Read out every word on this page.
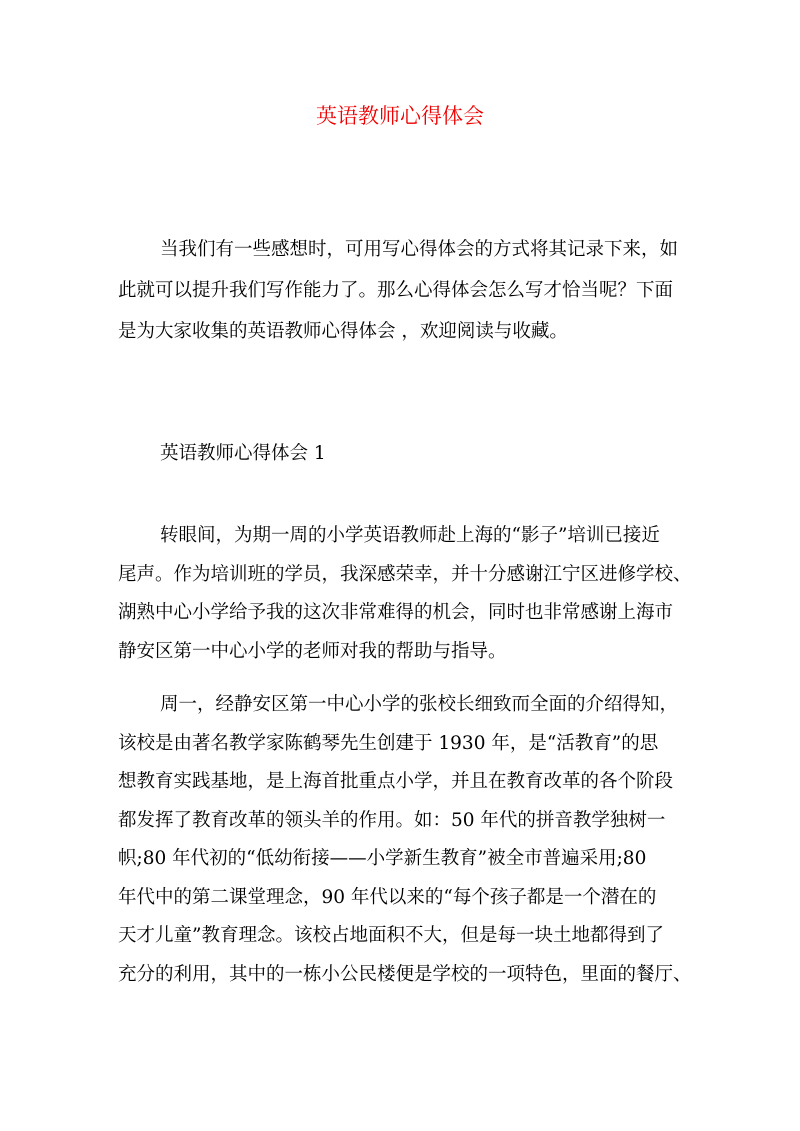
英语教师心得体会

当我们有一些感想时，可用写心得体会的方式将其记录下来，如
此就可以提升我们写作能力了。那么心得体会怎么写才恰当呢？下面
是为大家收集的英语教师心得体会 ，欢迎阅读与收藏。

英语教师心得体会 1

转眼间，为期一周的小学英语教师赴上海的“影子”培训已接近
尾声。作为培训班的学员，我深感荣幸，并十分感谢江宁区进修学校、
湖熟中心小学给予我的这次非常难得的机会，同时也非常感谢上海市
静安区第一中心小学的老师对我的帮助与指导。

周一，经静安区第一中心小学的张校长细致而全面的介绍得知，
该校是由著名教学家陈鹤琴先生创建于 1930 年，是“活教育”的思
想教育实践基地，是上海首批重点小学，并且在教育改革的各个阶段
都发挥了教育改革的领头羊的作用。如：50 年代的拼音教学独树一
帜;80 年代初的“低幼衔接——小学新生教育”被全市普遍采用;80
年代中的第二课堂理念，90 年代以来的“每个孩子都是一个潜在的
天才儿童”教育理念。该校占地面积不大，但是每一块土地都得到了
充分的利用，其中的一栋小公民楼便是学校的一项特色，里面的餐厅、
